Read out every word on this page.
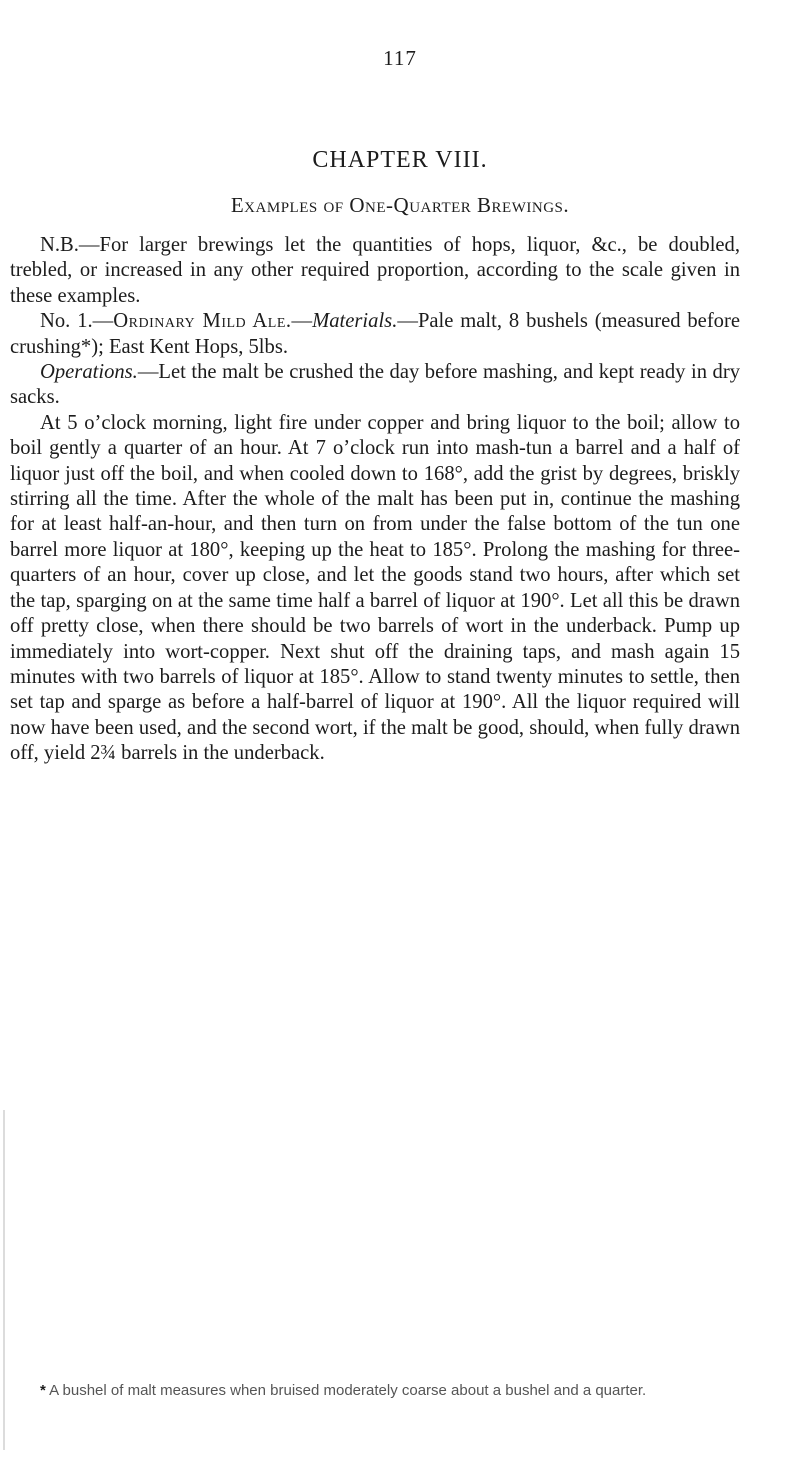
117
CHAPTER VIII.
Examples of One-Quarter Brewings.

N.B.—For larger brewings let the quantities of hops, liquor, &c., be doubled, trebled, or increased in any other required proportion, according to the scale given in these examples.

No. 1.—Ordinary Mild Ale.—Materials.—Pale malt, 8 bushels (measured before crushing*); East Kent Hops, 5lbs.

Operations.—Let the malt be crushed the day before mashing, and kept ready in dry sacks.

At 5 o’clock morning, light fire under copper and bring liquor to the boil; allow to boil gently a quarter of an hour. At 7 o’clock run into mash-tun a barrel and a half of liquor just off the boil, and when cooled down to 168°, add the grist by degrees, briskly stirring all the time. After the whole of the malt has been put in, continue the mashing for at least half-an-hour, and then turn on from under the false bottom of the tun one barrel more liquor at 180°, keeping up the heat to 185°. Prolong the mashing for three-quarters of an hour, cover up close, and let the goods stand two hours, after which set the tap, sparging on at the same time half a barrel of liquor at 190°. Let all this be drawn off pretty close, when there should be two barrels of wort in the underback. Pump up immediately into wort-copper. Next shut off the draining taps, and mash again 15 minutes with two barrels of liquor at 185°. Allow to stand twenty minutes to settle, then set tap and sparge as before a half-barrel of liquor at 190°. All the liquor required will now have been used, and the second wort, if the malt be good, should, when fully drawn off, yield 2¾ barrels in the underback.

* A bushel of malt measures when bruised moderately coarse about a bushel and a quarter.
